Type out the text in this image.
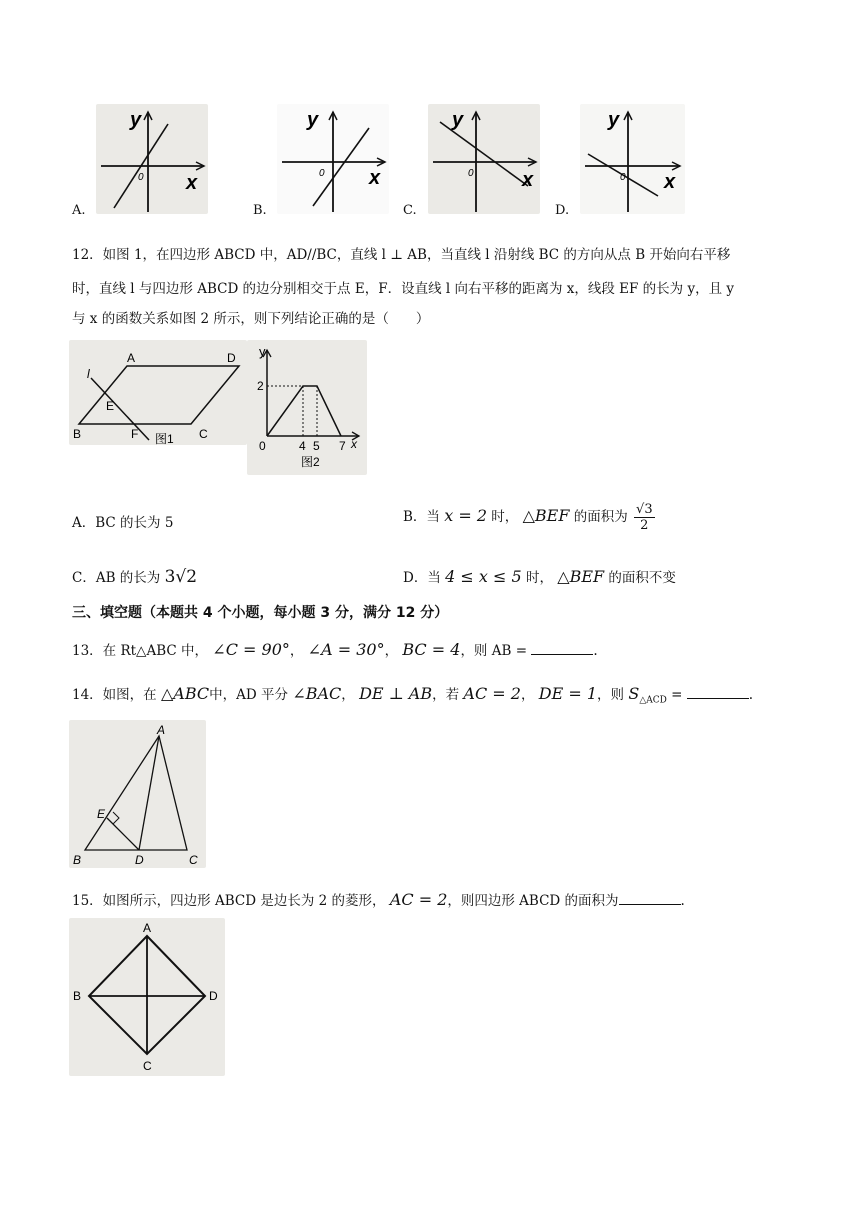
y
x
0
A.
y
x
0
B.
y
x
0
C.
y
x
0
D.
12．如图 1，在四边形 ABCD 中，AD//BC，直线 l ⊥ AB，当直线 l 沿射线 BC 的方向从点 B 开始向右平移
时，直线 l 与四边形 ABCD 的边分别相交于点 E，F．设直线 l 向右平移的距离为 x，线段 EF 的长为 y，且 y
与 x 的函数关系如图 2 所示，则下列结论正确的是（　　）
A	D
B	C
E
F
l
图1
y
2
0	4 5 7 x
图2
A．BC 的长为 5	B．当 x = 2 时， △BEF 的面积为 $\frac{√3}{2}$
C．AB 的长为 3√2	D．当 4 ≤ x ≤ 5 时， △BEF 的面积不变
三、填空题（本题共 4 个小题，每小题 3 分，满分 12 分）
13．在 Rt△ABC 中， ∠C = 90°， ∠A = 30°， BC = 4，则 AB =	.
14．如图，在 △ABC中，AD 平分 ∠BAC， DE ⊥ AB，若 AC = 2， DE = 1，则 $S_{\triangle ACD}$ =	.
A
B	C
D
E
15．如图所示，四边形 ABCD 是边长为 2 的菱形， AC = 2，则四边形 ABCD 的面积为	.
A
B	D
C
